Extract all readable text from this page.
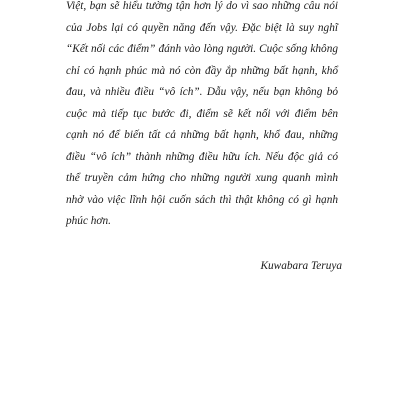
Việt, bạn sẽ hiểu tường tận hơn lý do vì sao những câu nói
của Jobs lại có quyền năng đến vậy. Đặc biệt là suy nghĩ
“Kết nối các điểm” đánh vào lòng người. Cuộc sống không
chỉ có hạnh phúc mà nó còn đầy ắp những bất hạnh, khổ
đau, và nhiều điều “vô ích”. Dẫu vậy, nếu bạn không bỏ
cuộc mà tiếp tục bước đi, điểm sẽ kết nối với điểm bên
cạnh nó để biến tất cả những bất hạnh, khổ đau, những
điều “vô ích” thành những điều hữu ích. Nếu độc giả có
thể truyền cảm hứng cho những người xung quanh mình
nhờ vào việc lĩnh hội cuốn sách thì thật không có gì hạnh
phúc hơn.

Kuwabara Teruya
